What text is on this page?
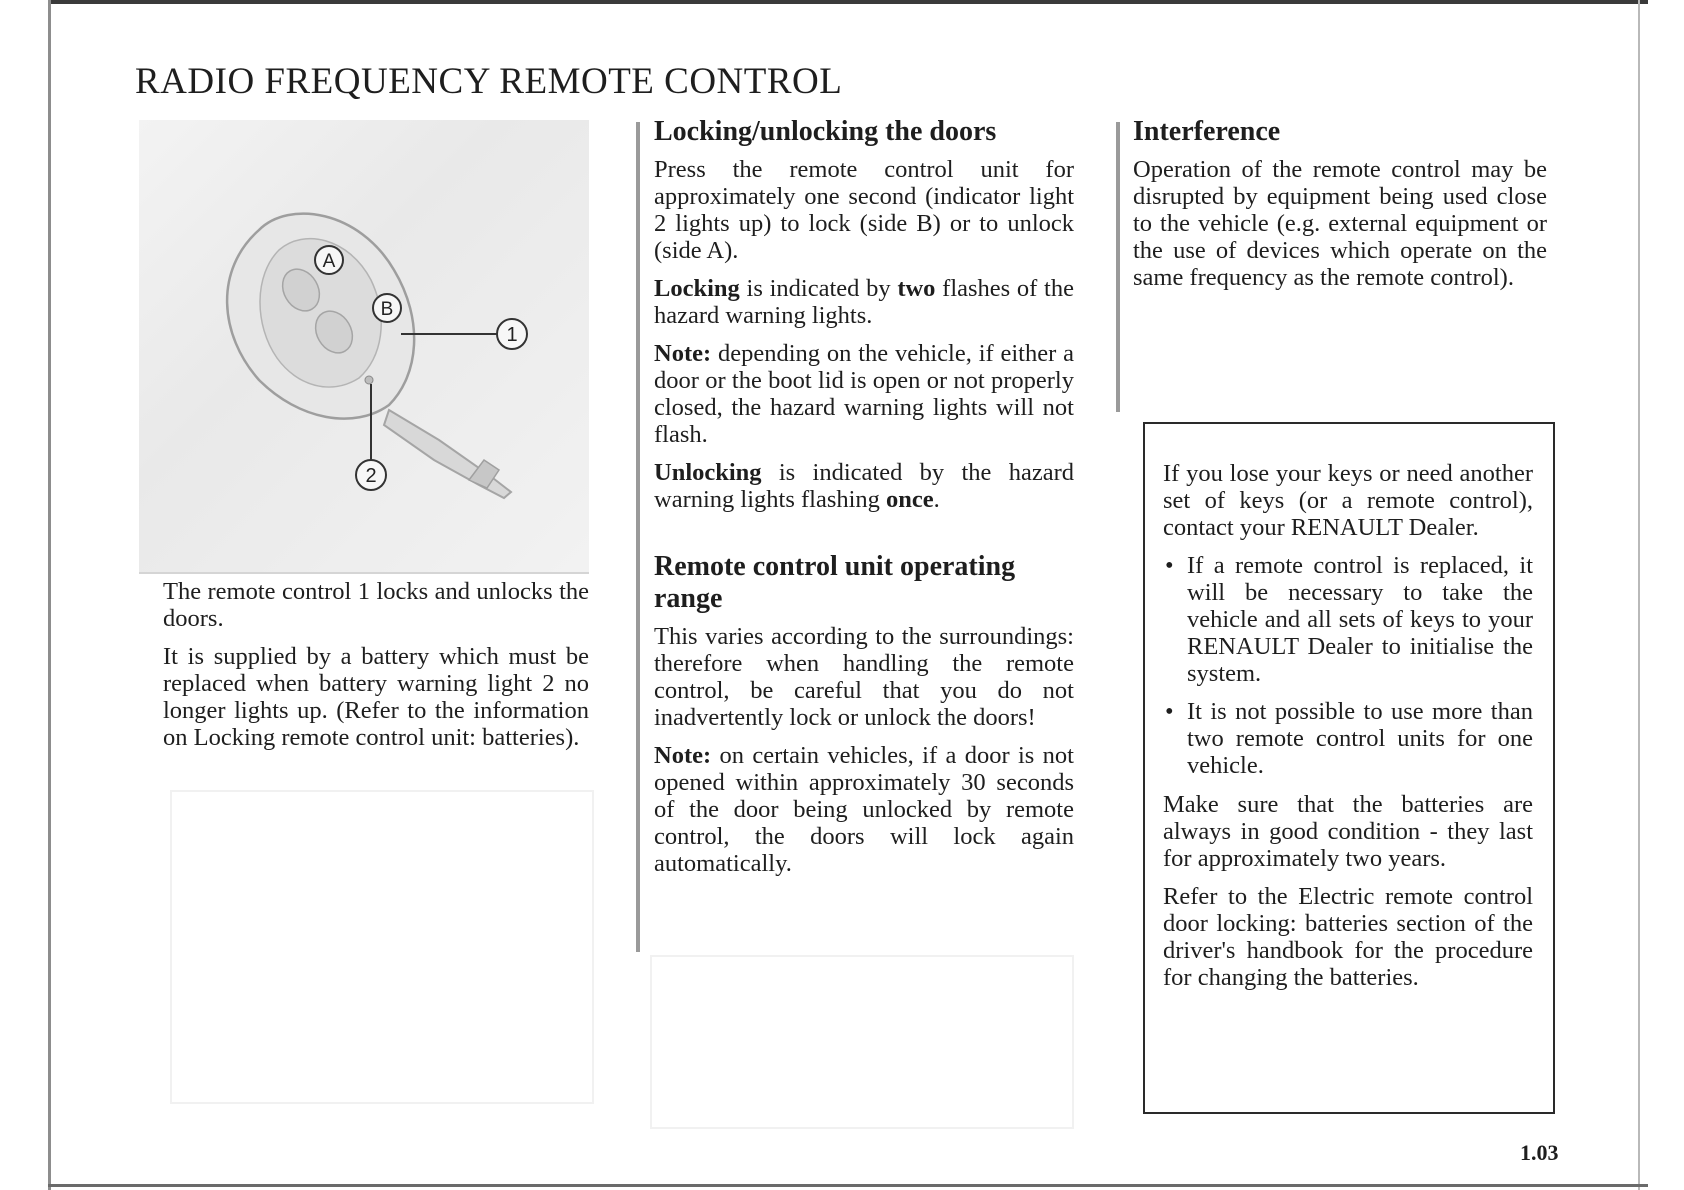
RADIO FREQUENCY REMOTE CONTROL
A
B
1
2

The remote control 1 locks and unlocks the doors.

It is supplied by a battery which must be replaced when battery warning light 2 no longer lights up. (Refer to the information on Locking remote control unit: batteries).

Locking/unlocking the doors

Press the remote control unit for approximately one second (indicator light 2 lights up) to lock (side B) or to unlock (side A).

Locking is indicated by two flashes of the hazard warning lights.

Note: depending on the vehicle, if either a door or the boot lid is open or not properly closed, the hazard warning lights will not flash.

Unlocking is indicated by the hazard warning lights flashing once.

Remote control unit operating range

This varies according to the surroundings: therefore when handling the remote control, be careful that you do not inadvertently lock or unlock the doors!

Note: on certain vehicles, if a door is not opened within approximately 30 seconds of the door being unlocked by remote control, the doors will lock again automatically.

Interference

Operation of the remote control may be disrupted by equipment being used close to the vehicle (e.g. external equipment or the use of devices which operate on the same frequency as the remote control).

If you lose your keys or need another set of keys (or a remote control), contact your RENAULT Dealer.

• If a remote control is replaced, it will be necessary to take the vehicle and all sets of keys to your RENAULT Dealer to initialise the system.
• It is not possible to use more than two remote control units for one vehicle.

Make sure that the batteries are always in good condition - they last for approximately two years.

Refer to the Electric remote control door locking: batteries section of the driver's handbook for the procedure for changing the batteries.

1.03
